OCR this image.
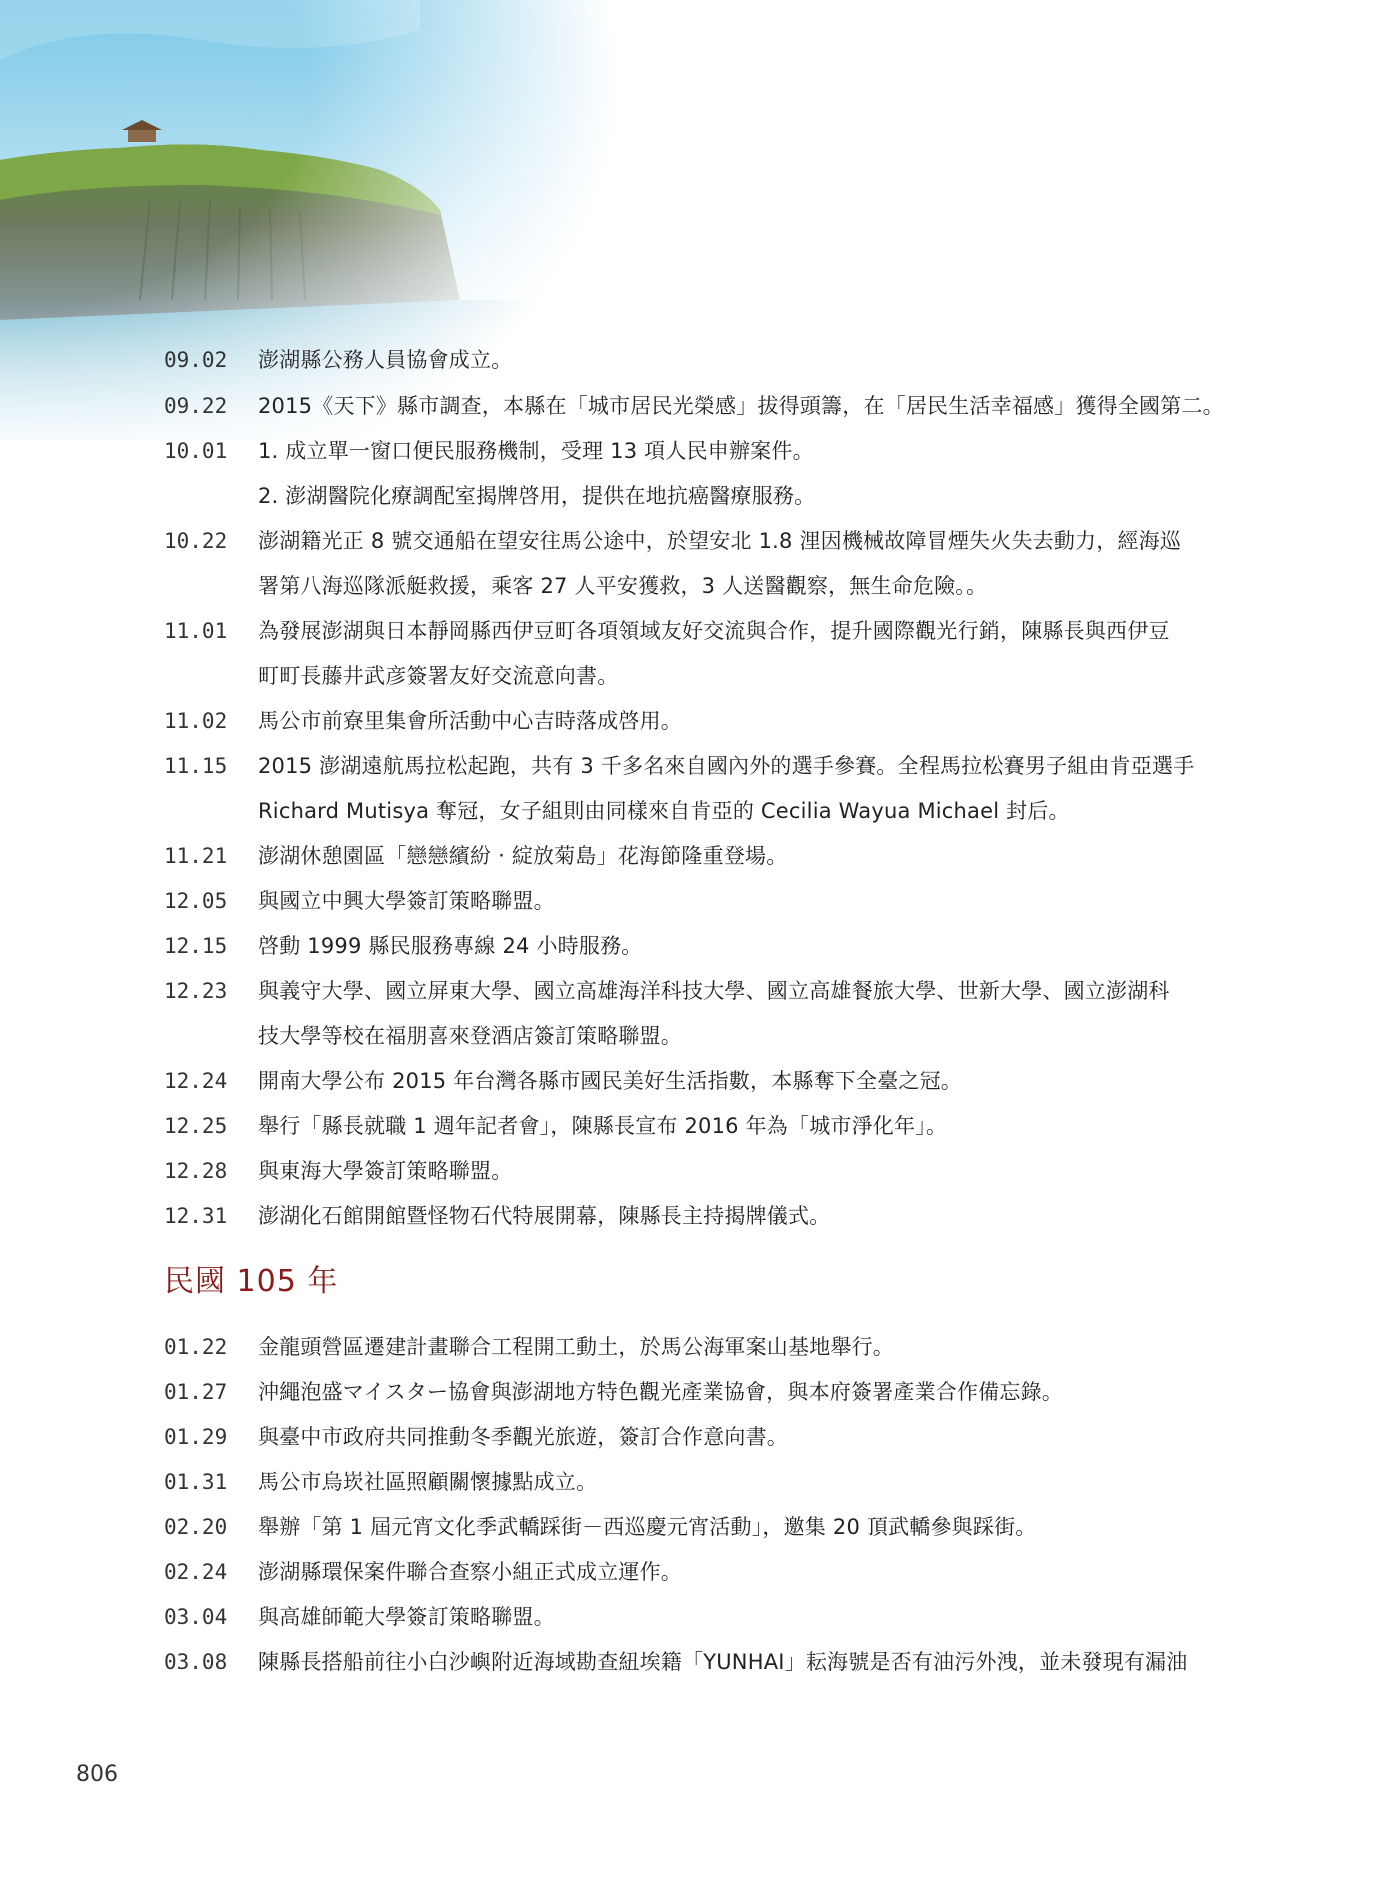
09.02	澎湖縣公務人員協會成立。
09.22	2015《天下》縣市調查，本縣在「城市居民光榮感」拔得頭籌，在「居民生活幸福感」獲得全國第二。
10.01	1. 成立單一窗口便民服務機制，受理 13 項人民申辦案件。
2. 澎湖醫院化療調配室揭牌啓用，提供在地抗癌醫療服務。
10.22	澎湖籍光正 8 號交通船在望安往馬公途中，於望安北 1.8 浬因機械故障冒煙失火失去動力，經海巡
署第八海巡隊派艇救援，乘客 27 人平安獲救，3 人送醫觀察，無生命危險。。
11.01	為發展澎湖與日本靜岡縣西伊豆町各項領域友好交流與合作，提升國際觀光行銷，陳縣長與西伊豆
町町長藤井武彦簽署友好交流意向書。
11.02	馬公市前寮里集會所活動中心吉時落成啓用。
11.15	2015 澎湖遠航馬拉松起跑，共有 3 千多名來自國內外的選手參賽。全程馬拉松賽男子組由肯亞選手
Richard Mutisya 奪冠，女子組則由同樣來自肯亞的 Cecilia Wayua Michael 封后。
11.21	澎湖休憩園區「戀戀繽紛 ‧ 綻放菊島」花海節隆重登場。
12.05	與國立中興大學簽訂策略聯盟。
12.15	啓動 1999 縣民服務專線 24 小時服務。
12.23	與義守大學、國立屏東大學、國立高雄海洋科技大學、國立高雄餐旅大學、世新大學、國立澎湖科
技大學等校在福朋喜來登酒店簽訂策略聯盟。
12.24	開南大學公布 2015 年台灣各縣市國民美好生活指數，本縣奪下全臺之冠。
12.25	舉行「縣長就職 1 週年記者會」，陳縣長宣布 2016 年為「城市淨化年」。
12.28	與東海大學簽訂策略聯盟。
12.31	澎湖化石館開館暨怪物石代特展開幕，陳縣長主持揭牌儀式。
民國 105 年
01.22	金龍頭營區遷建計畫聯合工程開工動土，於馬公海軍案山基地舉行。
01.27	沖繩泡盛マイスター協會與澎湖地方特色觀光產業協會，與本府簽署產業合作備忘錄。
01.29	與臺中市政府共同推動冬季觀光旅遊，簽訂合作意向書。
01.31	馬公市烏崁社區照顧關懷據點成立。
02.20	舉辦「第 1 屆元宵文化季武轎踩街－西巡慶元宵活動」，邀集 20 頂武轎參與踩街。
02.24	澎湖縣環保案件聯合查察小組正式成立運作。
03.04	與高雄師範大學簽訂策略聯盟。
03.08	陳縣長搭船前往小白沙嶼附近海域勘查紐埃籍「YUNHAI」耘海號是否有油污外洩，並未發現有漏油
806
